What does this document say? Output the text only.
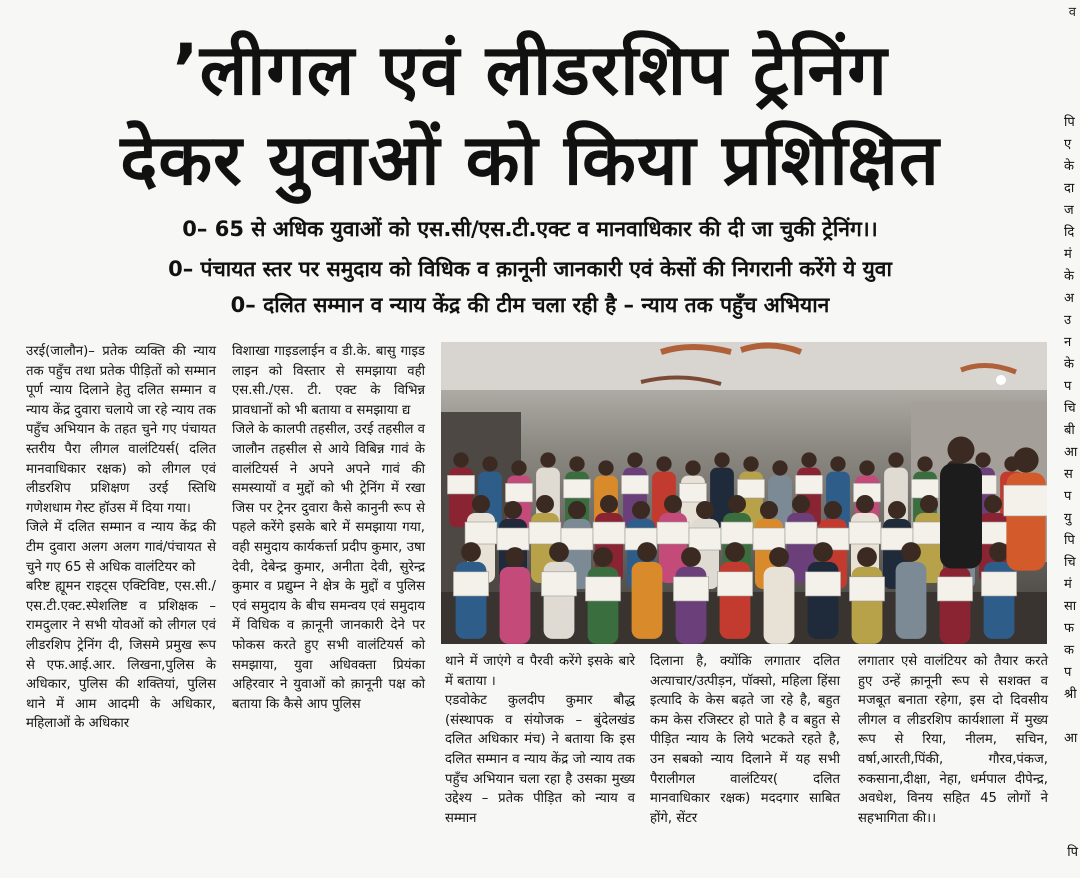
व
पि
ए
के
दा
ज
दि
मं
के
अ
उ
न
के
प
चि
बी
आ
स
प
यु
पि
चि
मं
सा
फ
क
प
श्री
आ
पि
’लीगल एवं लीडरशिप ट्रेनिंग
देकर युवाओं को किया प्रशिक्षित
0– 65 से अधिक युवाओं को एस.सी/एस.टी.एक्ट व मानवाधिकार की दी जा चुकी ट्रेनिंग।।
0– पंचायत स्तर पर समुदाय को विधिक व क़ानूनी जानकारी एवं केसों की निगरानी करेंगे ये युवा
0– दलित सम्मान व न्याय केंद्र की टीम चला रही है – न्याय तक पहुँच अभियान

उरई(जालौन)– प्रतेक व्यक्ति की न्याय तक पहुँच तथा प्रतेक पीड़ितों को सम्मान पूर्ण न्याय दिलाने हेतु दलित सम्मान व न्याय केंद्र दुवारा चलाये जा रहे न्याय तक पहुँच अभियान के तहत चुने गए पंचायत स्तरीय पैरा लीगल वालंटियर्स( दलित मानवाधिकार रक्षक) को लीगल एवं लीडरशिप प्रशिक्षण उरई स्तिथि गणेशधाम गेस्ट हॉउस में दिया गया।

जिले में दलित सम्मान व न्याय केंद्र की टीम दुवारा अलग अलग गावं/पंचायत से चुने गए 65 से अधिक वालंटियर को

बरिष्ट ह्यूमन राइट्स एक्टिविष्ट, एस.सी./एस.टी.एक्ट.स्पेशलिष्ट व प्रशिक्षक – रामदुलार ने सभी योवओं को लीगल एवं लीडरशिप ट्रेनिंग दी, जिसमे प्रमुख रूप से एफ.आई.आर. लिखना,पुलिस के अधिकार, पुलिस की शक्तियां, पुलिस थाने में आम आदमी के अधिकार, महिलाओं के अधिकार

विशाखा गाइडलाईन व डी.के. बासु गाइड लाइन को विस्तार से समझाया वही एस.सी./एस. टी. एक्ट के विभिन्न प्रावधानों को भी बताया व समझाया द्य

जिले के कालपी तहसील, उरई तहसील व जालौन तहसील से आये विबिन्न गावं के वालंटियर्स ने अपने अपने गावं की समस्यायों व मुद्दों को भी ट्रेनिंग में रखा जिस पर ट्रेनर दुवारा कैसे कानुनी रूप से पहले करेंगे इसके बारे में समझाया गया, वही समुदाय कार्यकर्त्ता प्रदीप कुमार, उषा देवी, देबेन्द्र कुमार, अनीता देवी, सुरेन्द्र कुमार व प्रद्युम्न ने क्षेत्र के मुद्दों व पुलिस एवं समुदाय के बीच समन्वय एवं समुदाय में विधिक व क़ानूनी जानकारी देने पर फोकस करते हुए सभी वालंटियर्स को समझाया, युवा अधिवक्ता प्रियंका अहिरवार ने युवाओं को क़ानूनी पक्ष को बताया कि कैसे आप पुलिस

थाने में जाएंगे व पैरवी करेंगे इसके बारे में बताया ।

एडवोकेट कुलदीप कुमार बौद्ध (संस्थापक व संयोजक – बुंदेलखंड दलित अधिकार मंच) ने बताया कि इस दलित सम्मान व न्याय केंद्र जो न्याय तक पहुँच अभियान चला रहा है उसका मुख्य उद्देश्य – प्रतेक पीड़ित को न्याय व सम्मान

दिलाना है, क्योंकि लगातार दलित अत्याचार/उत्पीड़न, पॉक्सो, महिला हिंसा इत्यादि के केस बढ़ते जा रहे है, बहुत कम केस रजिस्टर हो पाते है व बहुत से पीड़ित न्याय के लिये भटकते रहते है, उन सबको न्याय दिलाने में यह सभी पैरालीगल वालंटियर( दलित मानवाधिकार रक्षक) मददगार साबित होंगे, सेंटर

लगातार एसे वालंटियर को तैयार करते हुए उन्हें क़ानूनी रूप से सशक्त व मजबूत बनाता रहेगा, इस दो दिवसीय लीगल व लीडरशिप कार्यशाला में मुख्य रूप से रिया, नीलम, सचिन, वर्षा,आरती,पिंकी, गौरव,पंकज, रुकसाना,दीक्षा, नेहा, धर्मपाल दीपेन्द्र, अवधेश, विनय सहित 45 लोगों ने सहभागिता की।।
